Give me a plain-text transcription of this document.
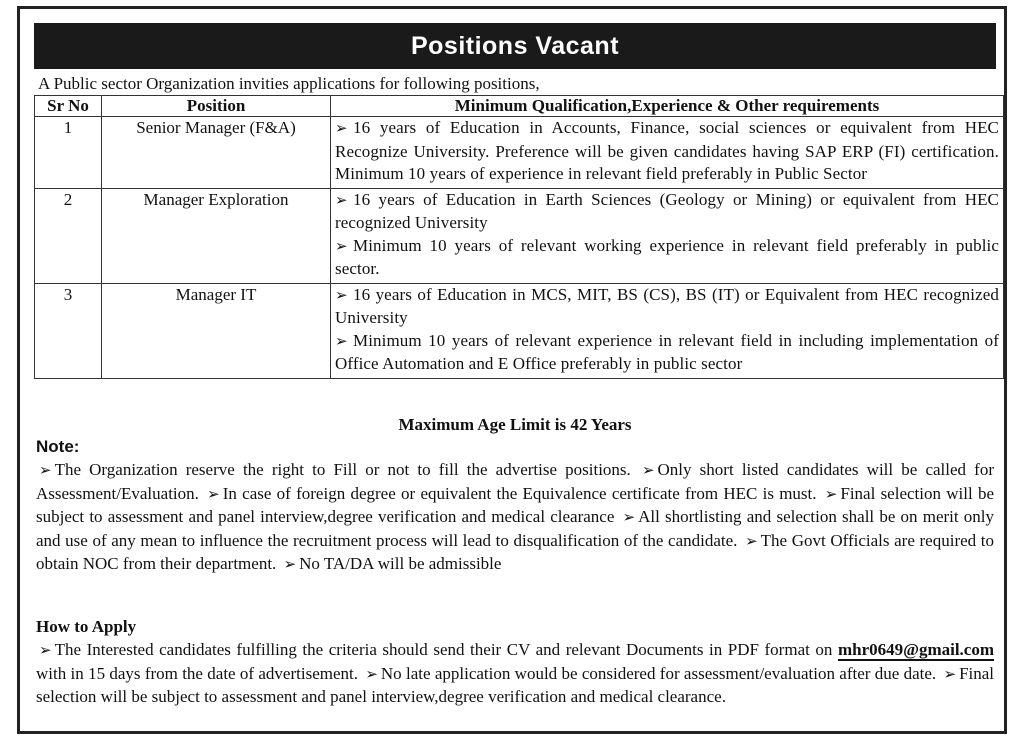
Positions Vacant
A Public sector Organization invities applications for following positions,
Sr No	Position	Minimum Qualification,Experience & Other requirements
1	Senior Manager (F&A)	➢ 16 years of Education in Accounts, Finance, social sciences or equivalent from HEC Recognize University. Preference will be given candidates having SAP ERP (FI) certification. Minimum 10 years of experience in relevant field preferably in Public Sector

2	Manager Exploration	➢ 16 years of Education in Earth Sciences (Geology or Mining) or equivalent from HEC recognized University

➢ Minimum 10 years of relevant working experience in relevant field preferably in public sector.

3	Manager IT	➢ 16 years of Education in MCS, MIT, BS (CS), BS (IT) or Equivalent from HEC recognized University

➢ Minimum 10 years of relevant experience in relevant field in including implementation of Office Automation and E Office preferably in public sector

Maximum Age Limit is 42 Years
Note:
➢ The Organization reserve the right to Fill or not to fill the advertise positions. ➢ Only short listed candidates will be called for Assessment/Evaluation. ➢ In case of foreign degree or equivalent the Equivalence certificate from HEC is must. ➢ Final selection will be subject to assessment and panel interview,degree verification and medical clearance ➢ All shortlisting and selection shall be on merit only and use of any mean to influence the recruitment process will lead to disqualification of the candidate. ➢ The Govt Officials are required to obtain NOC from their department. ➢ No TA/DA will be admissible
How to Apply
➢ The Interested candidates fulfilling the criteria should send their CV and relevant Documents in PDF format on mhr0649@gmail.com with in 15 days from the date of advertisement. ➢ No late application would be considered for assessment/evaluation after due date. ➢ Final selection will be subject to assessment and panel interview,degree verification and medical clearance.
